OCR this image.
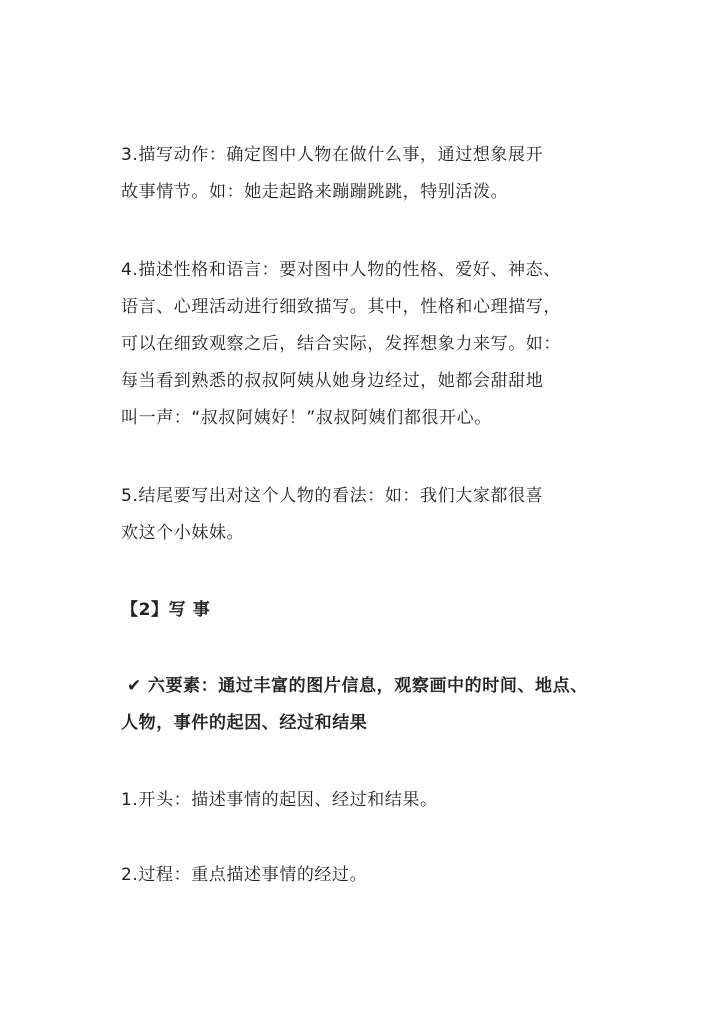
3.描写动作：确定图中人物在做什么事，通过想象展开
故事情节。如：她走起路来蹦蹦跳跳，特别活泼。

4.描述性格和语言：要对图中人物的性格、爱好、神态、
语言、心理活动进行细致描写。其中，性格和心理描写，
可以在细致观察之后，结合实际，发挥想象力来写。如：
每当看到熟悉的叔叔阿姨从她身边经过，她都会甜甜地
叫一声：“叔叔阿姨好！”叔叔阿姨们都很开心。

5.结尾要写出对这个人物的看法：如：我们大家都很喜
欢这个小妹妹。

【2】写 事

✔ 六要素：通过丰富的图片信息，观察画中的时间、地点、
人物，事件的起因、经过和结果

1.开头：描述事情的起因、经过和结果。

2.过程：重点描述事情的经过。
